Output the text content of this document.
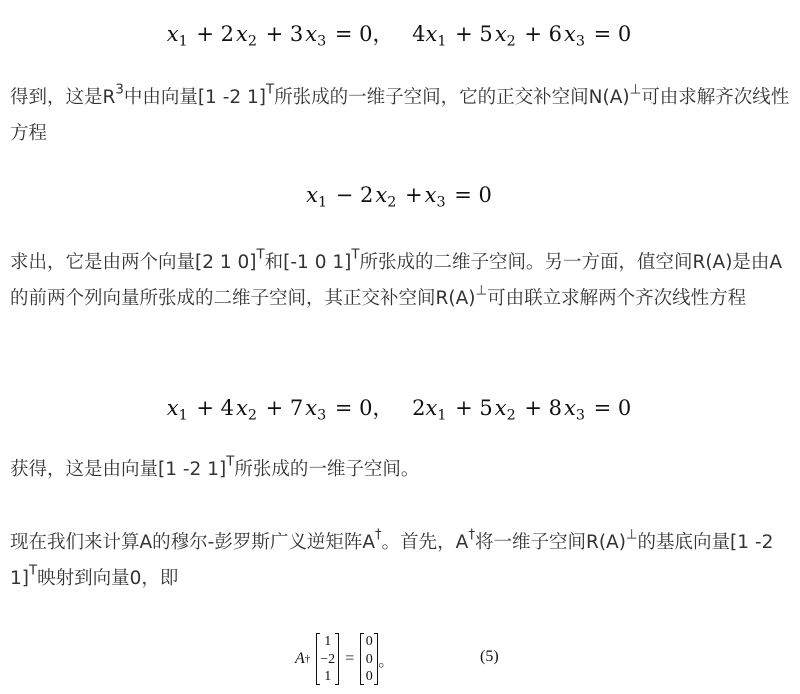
$x_1 + 2x_2 + 3x_3 = 0$， $4x_1 + 5x_2 + 6x_3 = 0$

得到，这是$R^3$中由向量[1 -2 1]$^T$所张成的一维子空间，它的正交补空间N(A)⊥可由求解齐次线性方程

$x_1 - 2x_2 +x_3 = 0$

求出，它是由两个向量[2 1 0]$^T$和[-1 0 1]$^T$所张成的二维子空间。另一方面，值空间R(A)是由A的前两个列向量所张成的二维子空间，其正交补空间R(A)⊥可由联立求解两个齐次线性方程

$x_1 + 4x_2 + 7x_3 = 0$， $2x_1 + 5x_2 + 8x_3 = 0$

获得，这是由向量[1 -2 1]$^T$所张成的一维子空间。

现在我们来计算A的穆尔-彭罗斯广义逆矩阵A†。首先，A†将一维子空间R(A)⊥的基底向量[1 -2 1]$^T$映射到向量0，即

A †
1
−2
1
=
0
0
0
。	(5)
